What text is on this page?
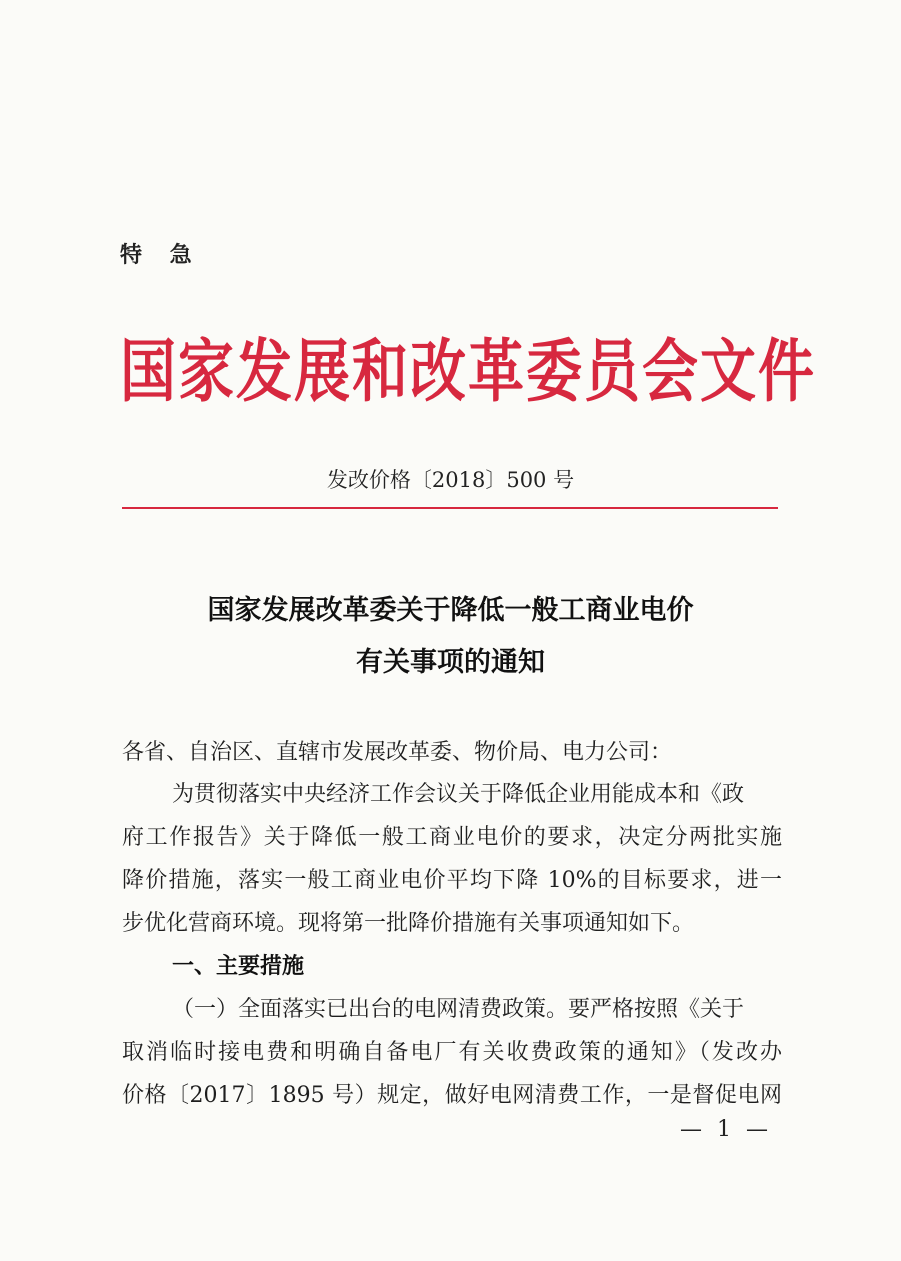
特 急
国家发展和改革委员会文件
发改价格〔2018〕500 号
国家发展改革委关于降低一般工商业电价
有关事项的通知
各省、自治区、直辖市发展改革委、物价局、电力公司：
为贯彻落实中央经济工作会议关于降低企业用能成本和《政
府工作报告》关于降低一般工商业电价的要求，决定分两批实施
降价措施，落实一般工商业电价平均下降 10%的目标要求，进一
步优化营商环境。现将第一批降价措施有关事项通知如下。
一、主要措施
（一）全面落实已出台的电网清费政策。要严格按照《关于
取消临时接电费和明确自备电厂有关收费政策的通知》（发改办
价格〔2017〕1895 号）规定，做好电网清费工作，一是督促电网
— 1 —
